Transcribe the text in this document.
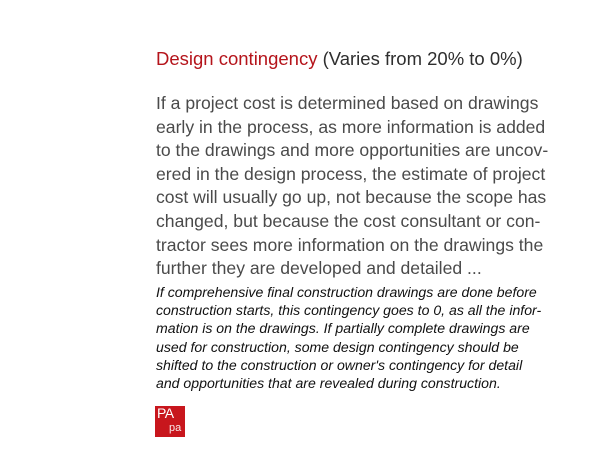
Design contingency (Varies from 20% to 0%)

If a project cost is determined based on drawings
early in the process, as more information is added
to the drawings and more opportunities are uncov-
ered in the design process, the estimate of project
cost will usually go up, not because the scope has
changed, but because the cost consultant or con-
tractor sees more information on the drawings the
further they are developed and detailed ...

If comprehensive final construction drawings are done before
construction starts, this contingency goes to 0, as all the infor-
mation is on the drawings. If partially complete drawings are
used for construction, some design contingency should be
shifted to the construction or owner's contingency for detail
and opportunities that are revealed during construction.

PA
pa
